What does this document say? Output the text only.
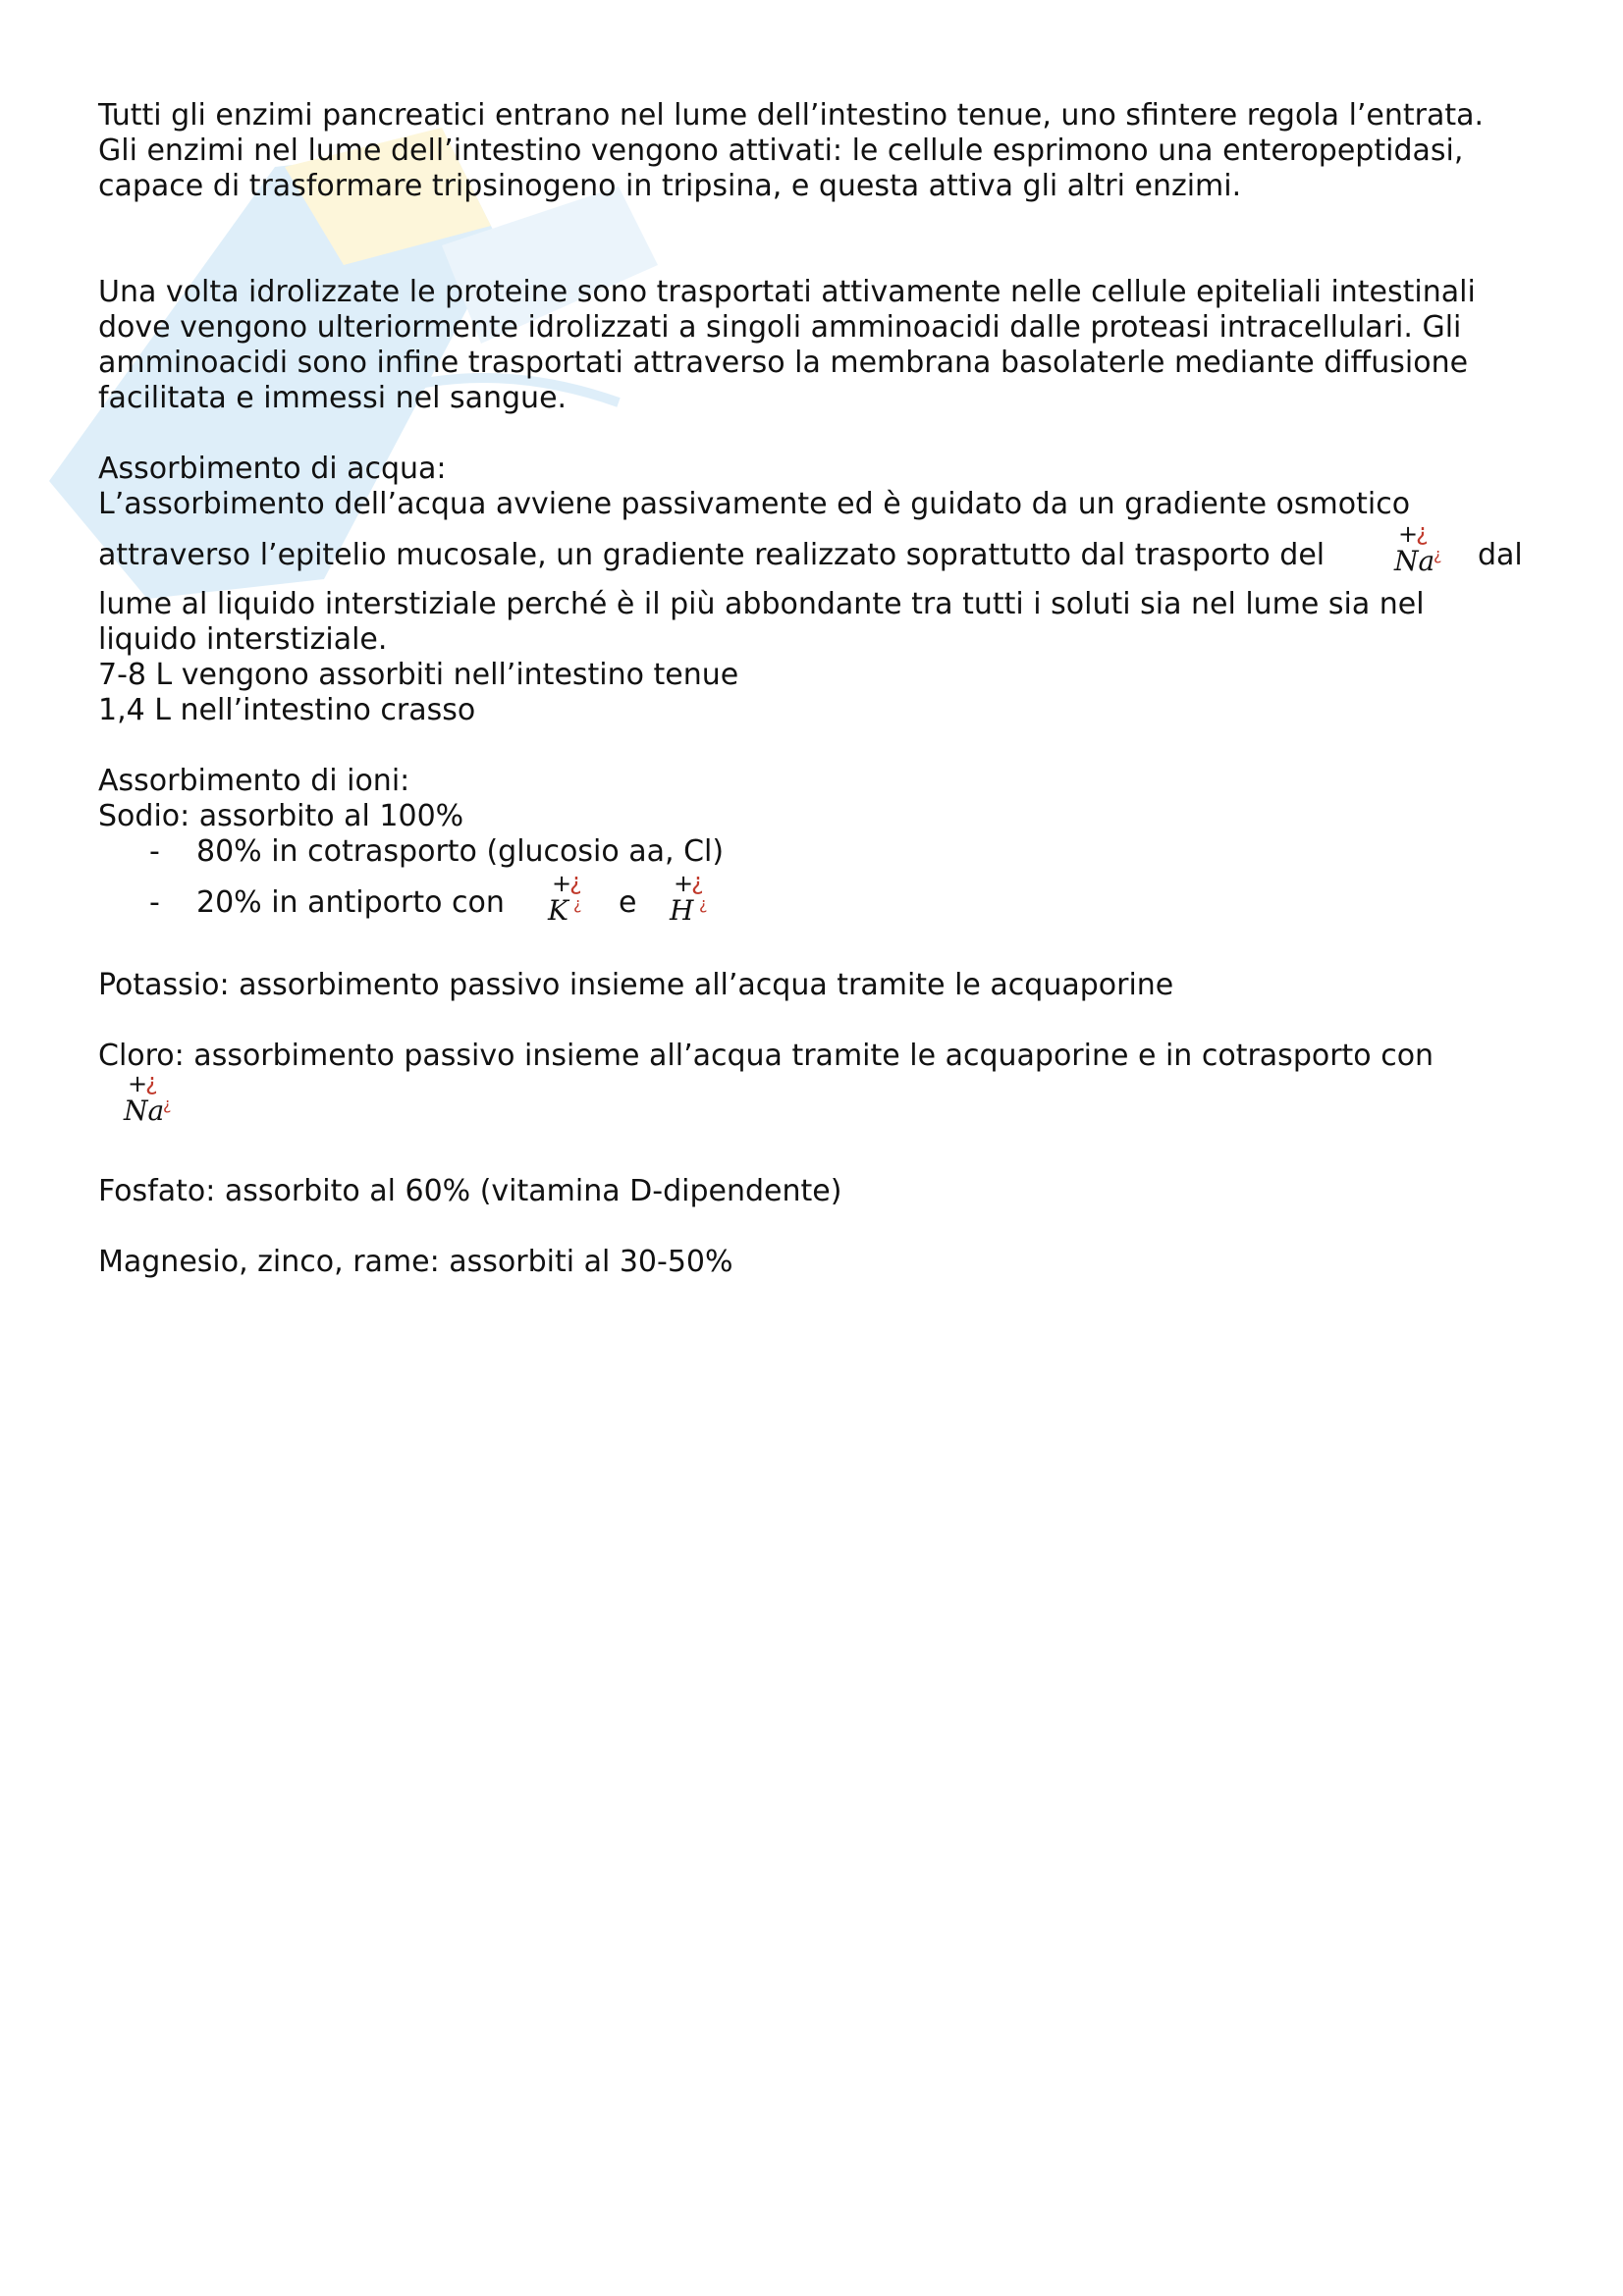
Tutti gli enzimi pancreatici entrano nel lume dell’intestino tenue, uno sfintere regola l’entrata.
Gli enzimi nel lume dell’intestino vengono attivati: le cellule esprimono una enteropeptidasi,
capace di trasformare tripsinogeno in tripsina, e questa attiva gli altri enzimi.
Una volta idrolizzate le proteine sono trasportati attivamente nelle cellule epiteliali intestinali
dove vengono ulteriormente idrolizzati a singoli amminoacidi dalle proteasi intracellulari. Gli
amminoacidi sono infine trasportati attraverso la membrana basolaterle mediante diffusione
facilitata e immessi nel sangue.
Assorbimento di acqua:
L’assorbimento dell’acqua avviene passivamente ed è guidato da un gradiente osmotico
attraverso l’epitelio mucosale, un gradiente realizzato soprattutto dal trasporto del
+
¿
Na
¿ dal
lume al liquido interstiziale perché è il più abbondante tra tutti i soluti sia nel lume sia nel
liquido interstiziale.
7-8 L vengono assorbiti nell’intestino tenue
1,4 L nell’intestino crasso
Assorbimento di ioni:
Sodio: assorbito al 100%
- 80% in cotrasporto (glucosio aa, Cl)
- 20% in antiporto con
+
¿
K ¿ e
+
¿
H ¿
Potassio: assorbimento passivo insieme all’acqua tramite le acquaporine
Cloro: assorbimento passivo insieme all’acqua tramite le acquaporine e in cotrasporto con
+
¿
Na
¿
Fosfato: assorbito al 60% (vitamina D-dipendente)
Magnesio, zinco, rame: assorbiti al 30-50%
